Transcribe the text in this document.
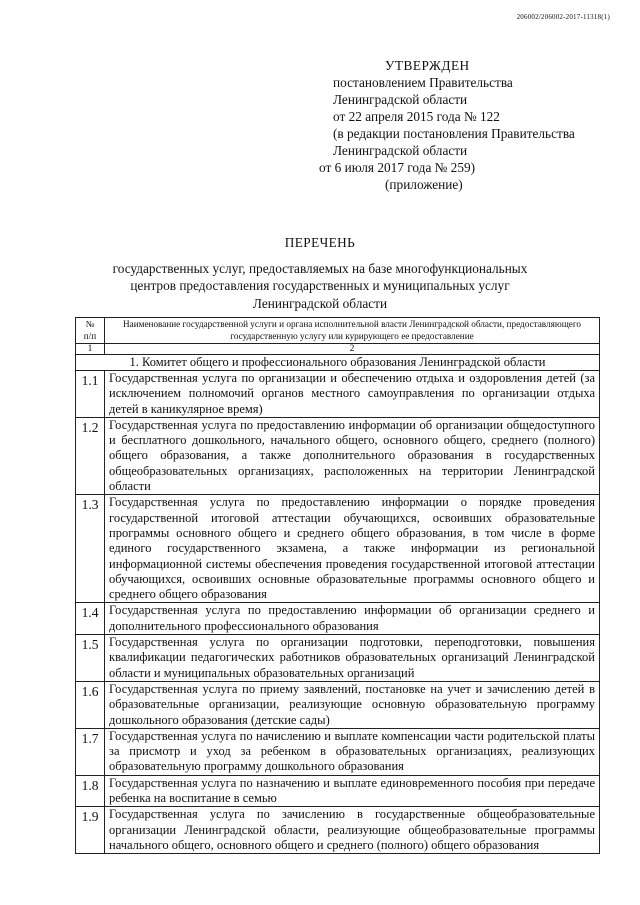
206002/206002-2017-11318(1)
УТВЕРЖДЕН
постановлением Правительства
Ленинградской области
от 22 апреля 2015 года № 122
(в редакции постановления Правительства
Ленинградской области
от 6 июля 2017 года № 259)
(приложение)
ПЕРЕЧЕНЬ
государственных услуг, предоставляемых на базе многофункциональных
центров предоставления государственных и муниципальных услуг
Ленинградской области
№
п/п	Наименование государственной услуги и органа исполнительной власти Ленинградской области, предоставляющего государственную услугу или курирующего ее предоставление
1	2
1. Комитет общего и профессионального образования Ленинградской области	
1.1	Государственная услуга по организации и обеспечению отдыха и оздоровления детей (за исключением полномочий органов местного самоуправления по организации отдыха детей в каникулярное время)
1.2	Государственная услуга по предоставлению информации об организации общедоступного и бесплатного дошкольного, начального общего, основного общего, среднего (полного) общего образования, а также дополнительного образования в государственных общеобразовательных организациях, расположенных на территории Ленинградской области
1.3	Государственная услуга по предоставлению информации о порядке проведения государственной итоговой аттестации обучающихся, освоивших образовательные программы основного общего и среднего общего образования, в том числе в форме единого государственного экзамена, а также информации из региональной информационной системы обеспечения проведения государственной итоговой аттестации обучающихся, освоивших основные образовательные программы основного общего и среднего общего образования
1.4	Государственная услуга по предоставлению информации об организации среднего и дополнительного профессионального образования
1.5	Государственная услуга по организации подготовки, переподготовки, повышения квалификации педагогических работников образовательных организаций Ленинградской области и муниципальных образовательных организаций
1.6	Государственная услуга по приему заявлений, постановке на учет и зачислению детей в образовательные организации, реализующие основную образовательную программу дошкольного образования (детские сады)
1.7	Государственная услуга по начислению и выплате компенсации части родительской платы за присмотр и уход за ребенком в образовательных организациях, реализующих образовательную программу дошкольного образования
1.8	Государственная услуга по назначению и выплате единовременного пособия при передаче ребенка на воспитание в семью
1.9	Государственная услуга по зачислению в государственные общеобразовательные организации Ленинградской области, реализующие общеобразовательные программы начального общего, основного общего и среднего (полного) общего образования
